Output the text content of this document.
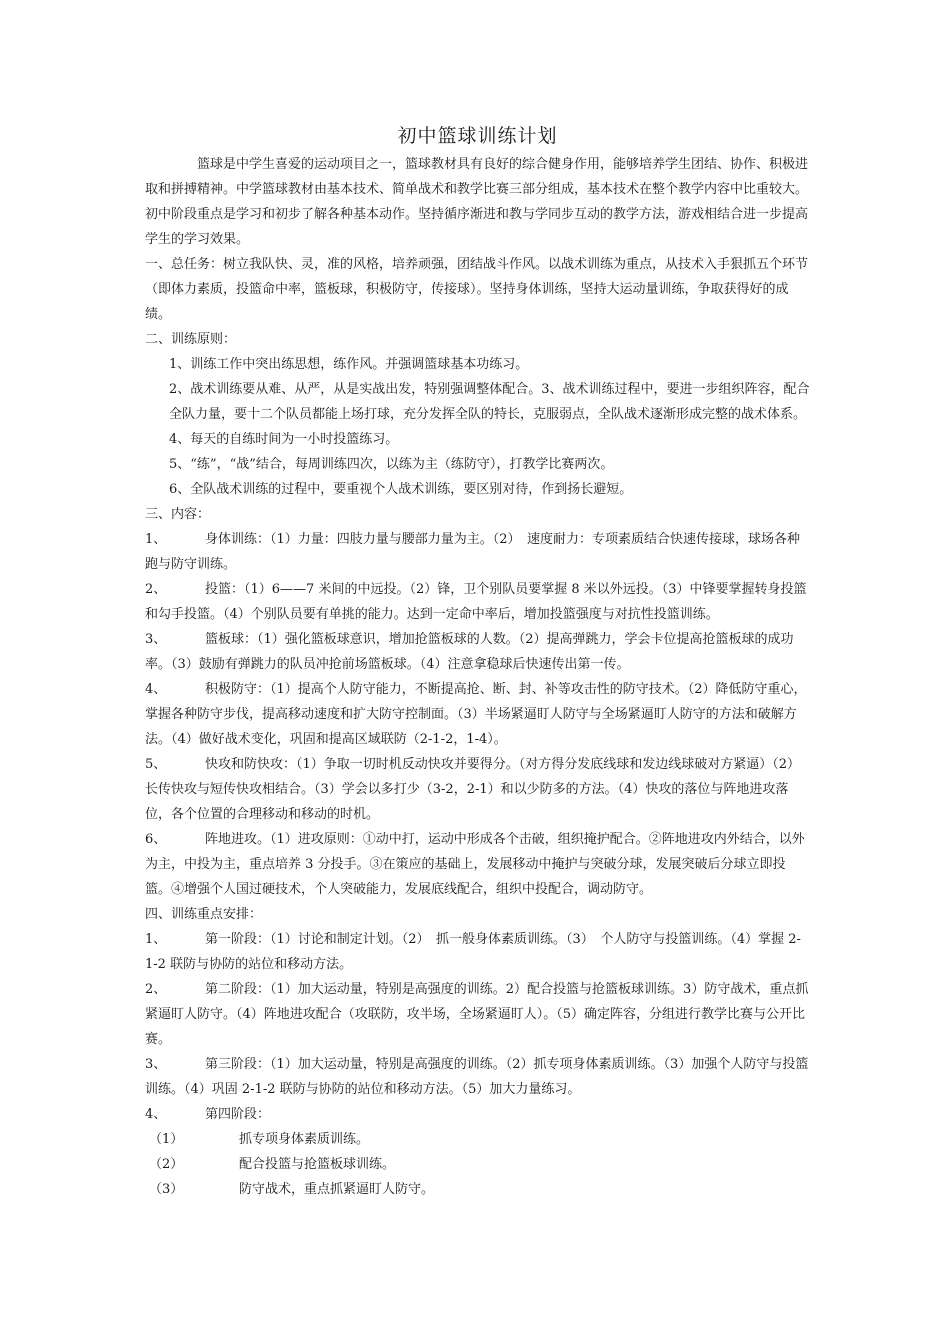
初中篮球训练计划

篮球是中学生喜爱的运动项目之一，篮球教材具有良好的综合健身作用，能够培养学生团结、协作、积极进取和拼搏精神。中学篮球教材由基本技术、简单战术和教学比赛三部分组成，基本技术在整个教学内容中比重较大。初中阶段重点是学习和初步了解各种基本动作。坚持循序渐进和教与学同步互动的教学方法，游戏相结合进一步提高学生的学习效果。

一、总任务：树立我队快、灵，准的风格，培养顽强，团结战斗作风。以战术训练为重点，从技术入手狠抓五个环节（即体力素质，投篮命中率，篮板球，积极防守，传接球）。坚持身体训练，坚持大运动量训练，争取获得好的成绩。

二、训练原则：

1、训练工作中突出练思想，练作风。并强调篮球基本功练习。

2、战术训练要从难、从严，从是实战出发，特别强调整体配合。3、战术训练过程中，要进一步组织阵容，配合全队力量，要十二个队员都能上场打球，充分发挥全队的特长，克服弱点，全队战术逐渐形成完整的战术体系。

4、每天的自练时间为一小时投篮练习。

5、“练”，“战”结合，每周训练四次，以练为主（练防守），打教学比赛两次。

6、全队战术训练的过程中，要重视个人战术训练，要区别对待，作到扬长避短。

三、内容：

1、	身体训练：（1）力量：四肢力量与腰部力量为主。（2）　速度耐力：专项素质结合快速传接球，球场各种跑与防守训练。

2、	投篮：（1）6——7 米间的中远投。（2）锋，卫个别队员要掌握 8 米以外远投。（3）中锋要掌握转身投篮和勾手投篮。（4）个别队员要有单挑的能力。达到一定命中率后，增加投篮强度与对抗性投篮训练。

3、	篮板球：（1）强化篮板球意识，增加抢篮板球的人数。（2）提高弹跳力，学会卡位提高抢篮板球的成功率。（3）鼓励有弹跳力的队员冲抢前场篮板球。（4）注意拿稳球后快速传出第一传。

4、	积极防守：（1）提高个人防守能力，不断提高抢、断、封、补等攻击性的防守技术。（2）降低防守重心，掌握各种防守步伐，提高移动速度和扩大防守控制面。（3）半场紧逼盯人防守与全场紧逼盯人防守的方法和破解方法。（4）做好战术变化，巩固和提高区域联防（2-1-2，1-4）。

5、	快攻和防快攻：（1）争取一切时机反动快攻并要得分。（对方得分发底线球和发边线球破对方紧逼）（2）长传快攻与短传快攻相结合。（3）学会以多打少（3-2，2-1）和以少防多的方法。（4）快攻的落位与阵地进攻落位，各个位置的合理移动和移动的时机。

6、	阵地进攻。（1）进攻原则：①动中打，运动中形成各个击破，组织掩护配合。②阵地进攻内外结合，以外为主，中投为主，重点培养 3 分投手。③在策应的基础上，发展移动中掩护与突破分球，发展突破后分球立即投篮。④增强个人国过硬技术，个人突破能力，发展底线配合，组织中投配合，调动防守。

四、训练重点安排：

1、	第一阶段：（1）讨论和制定计划。（2）　抓一般身体素质训练。（3）　个人防守与投篮训练。（4）掌握 2-1-2 联防与协防的站位和移动方法。

2、	第二阶段：（1）加大运动量，特别是高强度的训练。2）配合投篮与抢篮板球训练。3）防守战术，重点抓紧逼盯人防守。（4）阵地进攻配合（攻联防，攻半场，全场紧逼盯人）。（5）确定阵容，分组进行教学比赛与公开比赛。

3、	第三阶段：（1）加大运动量，特别是高强度的训练。（2）抓专项身体素质训练。（3）加强个人防守与投篮训练。（4）巩固 2-1-2 联防与协防的站位和移动方法。（5）加大力量练习。

4、	第四阶段：

（1）	抓专项身体素质训练。

（2）	配合投篮与抢篮板球训练。

（3）	防守战术，重点抓紧逼盯人防守。
